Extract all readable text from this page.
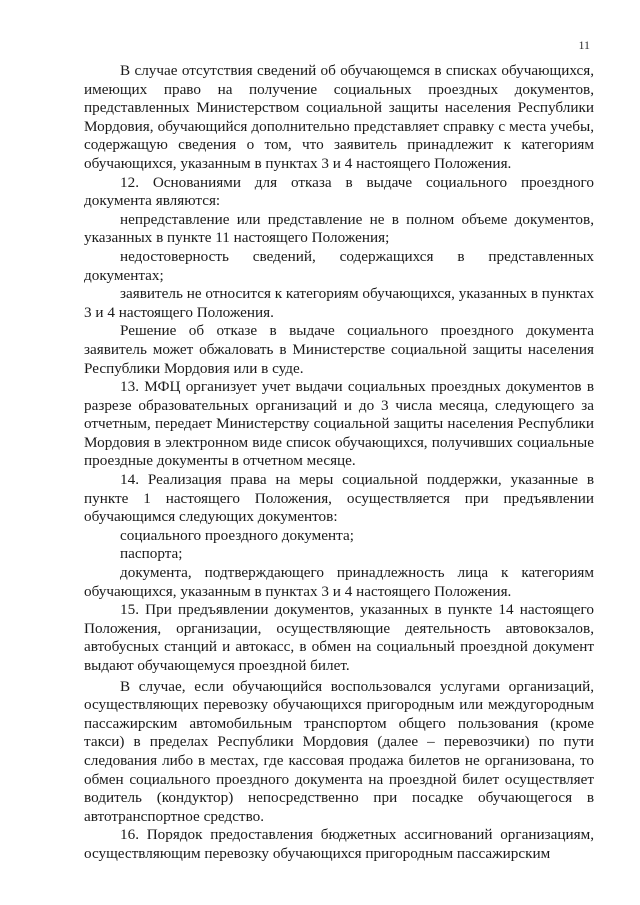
11

В случае отсутствия сведений об обучающемся в списках обучающихся, имеющих право на получение социальных проездных документов, представленных Министерством социальной защиты населения Республики Мордовия, обучающийся дополнительно представляет справку с места учебы, содержащую сведения о том, что заявитель принадлежит к категориям обучающихся, указанным в пунктах 3 и 4 настоящего Положения.

12. Основаниями для отказа в выдаче социального проездного документа являются:

непредставление или представление не в полном объеме документов, указанных в пункте 11 настоящего Положения;

недостоверность сведений, содержащихся в представленных документах;

заявитель не относится к категориям обучающихся, указанных в пунктах 3 и 4 настоящего Положения.

Решение об отказе в выдаче социального проездного документа заявитель может обжаловать в Министерстве социальной защиты населения Республики Мордовия или в суде.

13. МФЦ организует учет выдачи социальных проездных документов в разрезе образовательных организаций и до 3 числа месяца, следующего за отчетным, передает Министерству социальной защиты населения Республики Мордовия в электронном виде список обучающихся, получивших социальные проездные документы в отчетном месяце.

14. Реализация права на меры социальной поддержки, указанные в пункте 1 настоящего Положения, осуществляется при предъявлении обучающимся следующих документов:

социального проездного документа;

паспорта;

документа, подтверждающего принадлежность лица к категориям обучающихся, указанным в пунктах 3 и 4 настоящего Положения.

15. При предъявлении документов, указанных в пункте 14 настоящего Положения, организации, осуществляющие деятельность автовокзалов, автобусных станций и автокасс, в обмен на социальный проездной документ выдают обучающемуся проездной билет.

В случае, если обучающийся воспользовался услугами организаций, осуществляющих перевозку обучающихся пригородным или междугородным пассажирским автомобильным транспортом общего пользования (кроме такси) в пределах Республики Мордовия (далее – перевозчики) по пути следования либо в местах, где кассовая продажа билетов не организована, то обмен социального проездного документа на проездной билет осуществляет водитель (кондуктор) непосредственно при посадке обучающегося в автотранспортное средство.

16. Порядок предоставления бюджетных ассигнований организациям, осуществляющим перевозку обучающихся пригородным пассажирским
